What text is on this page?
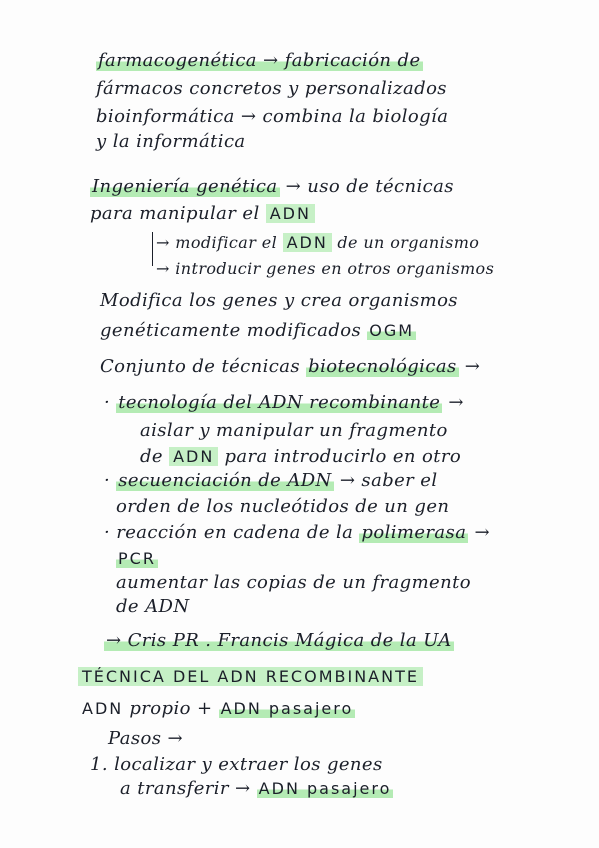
farmacogenética → fabricación de
fármacos concretos y personalizados
bioinformática → combina la biología
y la informática
Ingeniería genética → uso de técnicas
para manipular el ADN
→ modificar el ADN de un organismo
→ introducir genes en otros organismos
Modifica los genes y crea organismos
genéticamente modificados OGM
Conjunto de técnicas biotecnológicas →
· tecnología del ADN recombinante →
aislar y manipular un fragmento
de ADN para introducirlo en otro
· secuenciación de ADN → saber el
orden de los nucleótidos de un gen
· reacción en cadena de la polimerasa →
PCR
aumentar las copias de un fragmento
de ADN
→ Cris PR . Francis Mágica de la UA
TÉCNICA DEL ADN RECOMBINANTE
ADN propio + ADN pasajero
Pasos →
1. localizar y extraer los genes
a transferir → ADN pasajero
